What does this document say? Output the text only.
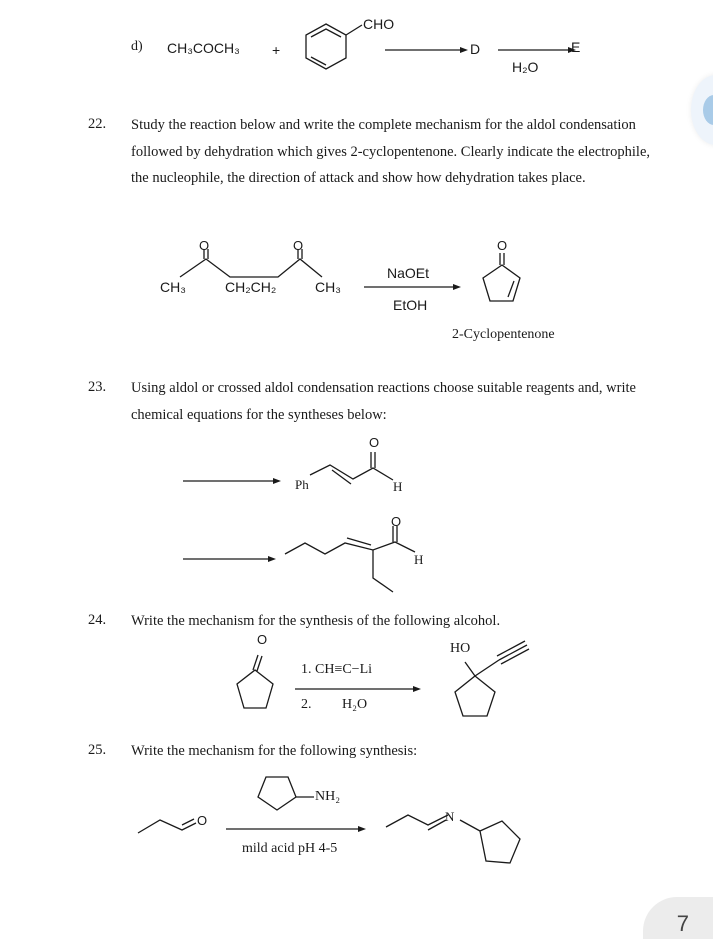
d) CH₃COCH₃ +
CHO
D	E
H₂O
22. Study the reaction below and write the complete mechanism for the aldol condensation followed by dehydration which gives 2-cyclopentenone. Clearly indicate the electrophile, the nucleophile, the direction of attack and show how dehydration takes place.
O	O
CH₃	CH₂CH₂	CH₃
NaOEt
EtOH
O
2-Cyclopentenone
23. Using aldol or crossed aldol condensation reactions choose suitable reagents and, write chemical equations for the syntheses below:
O
Ph	H
O
H
24. Write the mechanism for the synthesis of the following alcohol.
O
1. CH≡C−Li
2. H₂O
HO
25. Write the mechanism for the following synthesis:
O
NH₂
mild acid pH 4-5
N
7
